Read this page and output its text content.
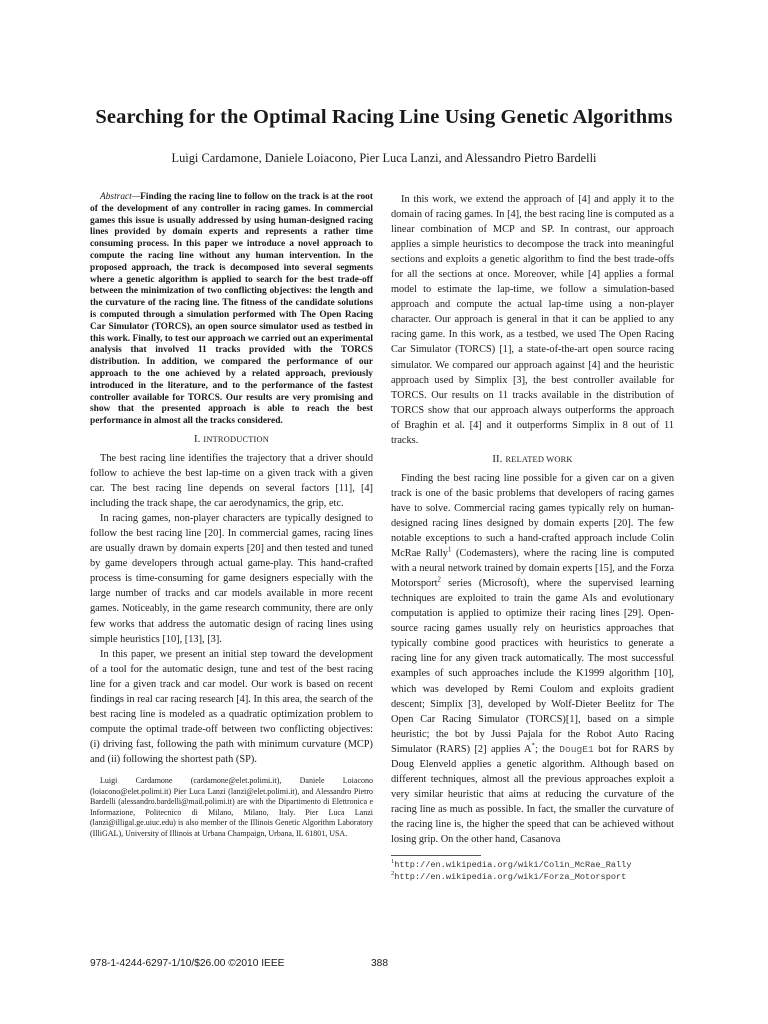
Searching for the Optimal Racing Line Using Genetic Algorithms
Luigi Cardamone, Daniele Loiacono, Pier Luca Lanzi, and Alessandro Pietro Bardelli

Abstract—Finding the racing line to follow on the track is at the root of the development of any controller in racing games. In commercial games this issue is usually addressed by using human-designed racing lines provided by domain experts and represents a rather time consuming process. In this paper we introduce a novel approach to compute the racing line without any human intervention. In the proposed approach, the track is decomposed into several segments where a genetic algorithm is applied to search for the best trade-off between the minimization of two conflicting objectives: the length and the curvature of the racing line. The fitness of the candidate solutions is computed through a simulation performed with The Open Racing Car Simulator (TORCS), an open source simulator used as testbed in this work. Finally, to test our approach we carried out an experimental analysis that involved 11 tracks provided with the TORCS distribution. In addition, we compared the performance of our approach to the one achieved by a related approach, previously introduced in the literature, and to the performance of the fastest controller available for TORCS. Our results are very promising and show that the presented approach is able to reach the best performance in almost all the tracks considered.

I. INTRODUCTION

The best racing line identifies the trajectory that a driver should follow to achieve the best lap-time on a given track with a given car. The best racing line depends on several factors [11], [4] including the track shape, the car aerodynamics, the grip, etc.

In racing games, non-player characters are typically designed to follow the best racing line [20]. In commercial games, racing lines are usually drawn by domain experts [20] and then tested and tuned by game developers through actual game-play. This hand-crafted process is time-consuming for game designers especially with the large number of tracks and car models available in more recent games. Noticeably, in the game research community, there are only few works that address the automatic design of racing lines using simple heuristics [10], [13], [3].

In this paper, we present an initial step toward the development of a tool for the automatic design, tune and test of the best racing line for a given track and car model. Our work is based on recent findings in real car racing research [4]. In this area, the search of the best racing line is modeled as a quadratic optimization problem to compute the optimal trade-off between two conflicting objectives: (i) driving fast, following the path with minimum curvature (MCP) and (ii) following the shortest path (SP).

Luigi Cardamone (cardamone@elet.polimi.it), Daniele Loiacono (loiacono@elet.polimi.it) Pier Luca Lanzi (lanzi@elet.polimi.it), and Alessandro Pietro Bardelli (alessandro.bardelli@mail.polimi.it) are with the Dipartimento di Elettronica e Informazione, Politecnico di Milano, Milano, Italy. Pier Luca Lanzi (lanzi@illigal.ge.uiuc.edu) is also member of the Illinois Genetic Algorithm Laboratory (IlliGAL), University of Illinois at Urbana Champaign, Urbana, IL 61801, USA.

In this work, we extend the approach of [4] and apply it to the domain of racing games. In [4], the best racing line is computed as a linear combination of MCP and SP. In contrast, our approach applies a simple heuristics to decompose the track into meaningful sections and exploits a genetic algorithm to find the best trade-offs for all the sections at once. Moreover, while [4] applies a formal model to estimate the lap-time, we follow a simulation-based approach and compute the actual lap-time using a non-player character. Our approach is general in that it can be applied to any racing game. In this work, as a testbed, we used The Open Racing Car Simulator (TORCS) [1], a state-of-the-art open source racing simulator. We compared our approach against [4] and the heuristic approach used by Simplix [3], the best controller available for TORCS. Our results on 11 tracks available in the distribution of TORCS show that our approach always outperforms the approach of Braghin et al. [4] and it outperforms Simplix in 8 out of 11 tracks.

II. RELATED WORK

Finding the best racing line possible for a given car on a given track is one of the basic problems that developers of racing games have to solve. Commercial racing games typically rely on human-designed racing lines designed by domain experts [20]. The few notable exceptions to such a hand-crafted approach include Colin McRae Rally$^1$ (Codemasters), where the racing line is computed with a neural network trained by domain experts [15], and the Forza Motorsport$^2$ series (Microsoft), where the supervised learning techniques are exploited to train the game AIs and evolutionary computation is applied to optimize their racing lines [29]. Open-source racing games usually rely on heuristics approaches that typically combine good practices with heuristics to generate a racing line for any given track automatically. The most successful examples of such approaches include the K1999 algorithm [10], which was developed by Remi Coulom and exploits gradient descent; Simplix [3], developed by Wolf-Dieter Beelitz for The Open Car Racing Simulator (TORCS)[1], based on a simple heuristic; the bot by Jussi Pajala for the Robot Auto Racing Simulator (RARS) [2] applies A*; the DougE1 bot for RARS by Doug Elenveld applies a genetic algorithm. Although based on different techniques, almost all the previous approaches exploit a very similar heuristic that aims at reducing the curvature of the racing line as much as possible. In fact, the smaller the curvature of the racing line is, the higher the speed that can be achieved without losing grip. On the other hand, Casanova

$^1$http://en.wikipedia.org/wiki/Colin_McRae_Rally
$^2$http://en.wikipedia.org/wiki/Forza_Motorsport
978-1-4244-6297-1/10/$26.00 ©2010 IEEE	388
